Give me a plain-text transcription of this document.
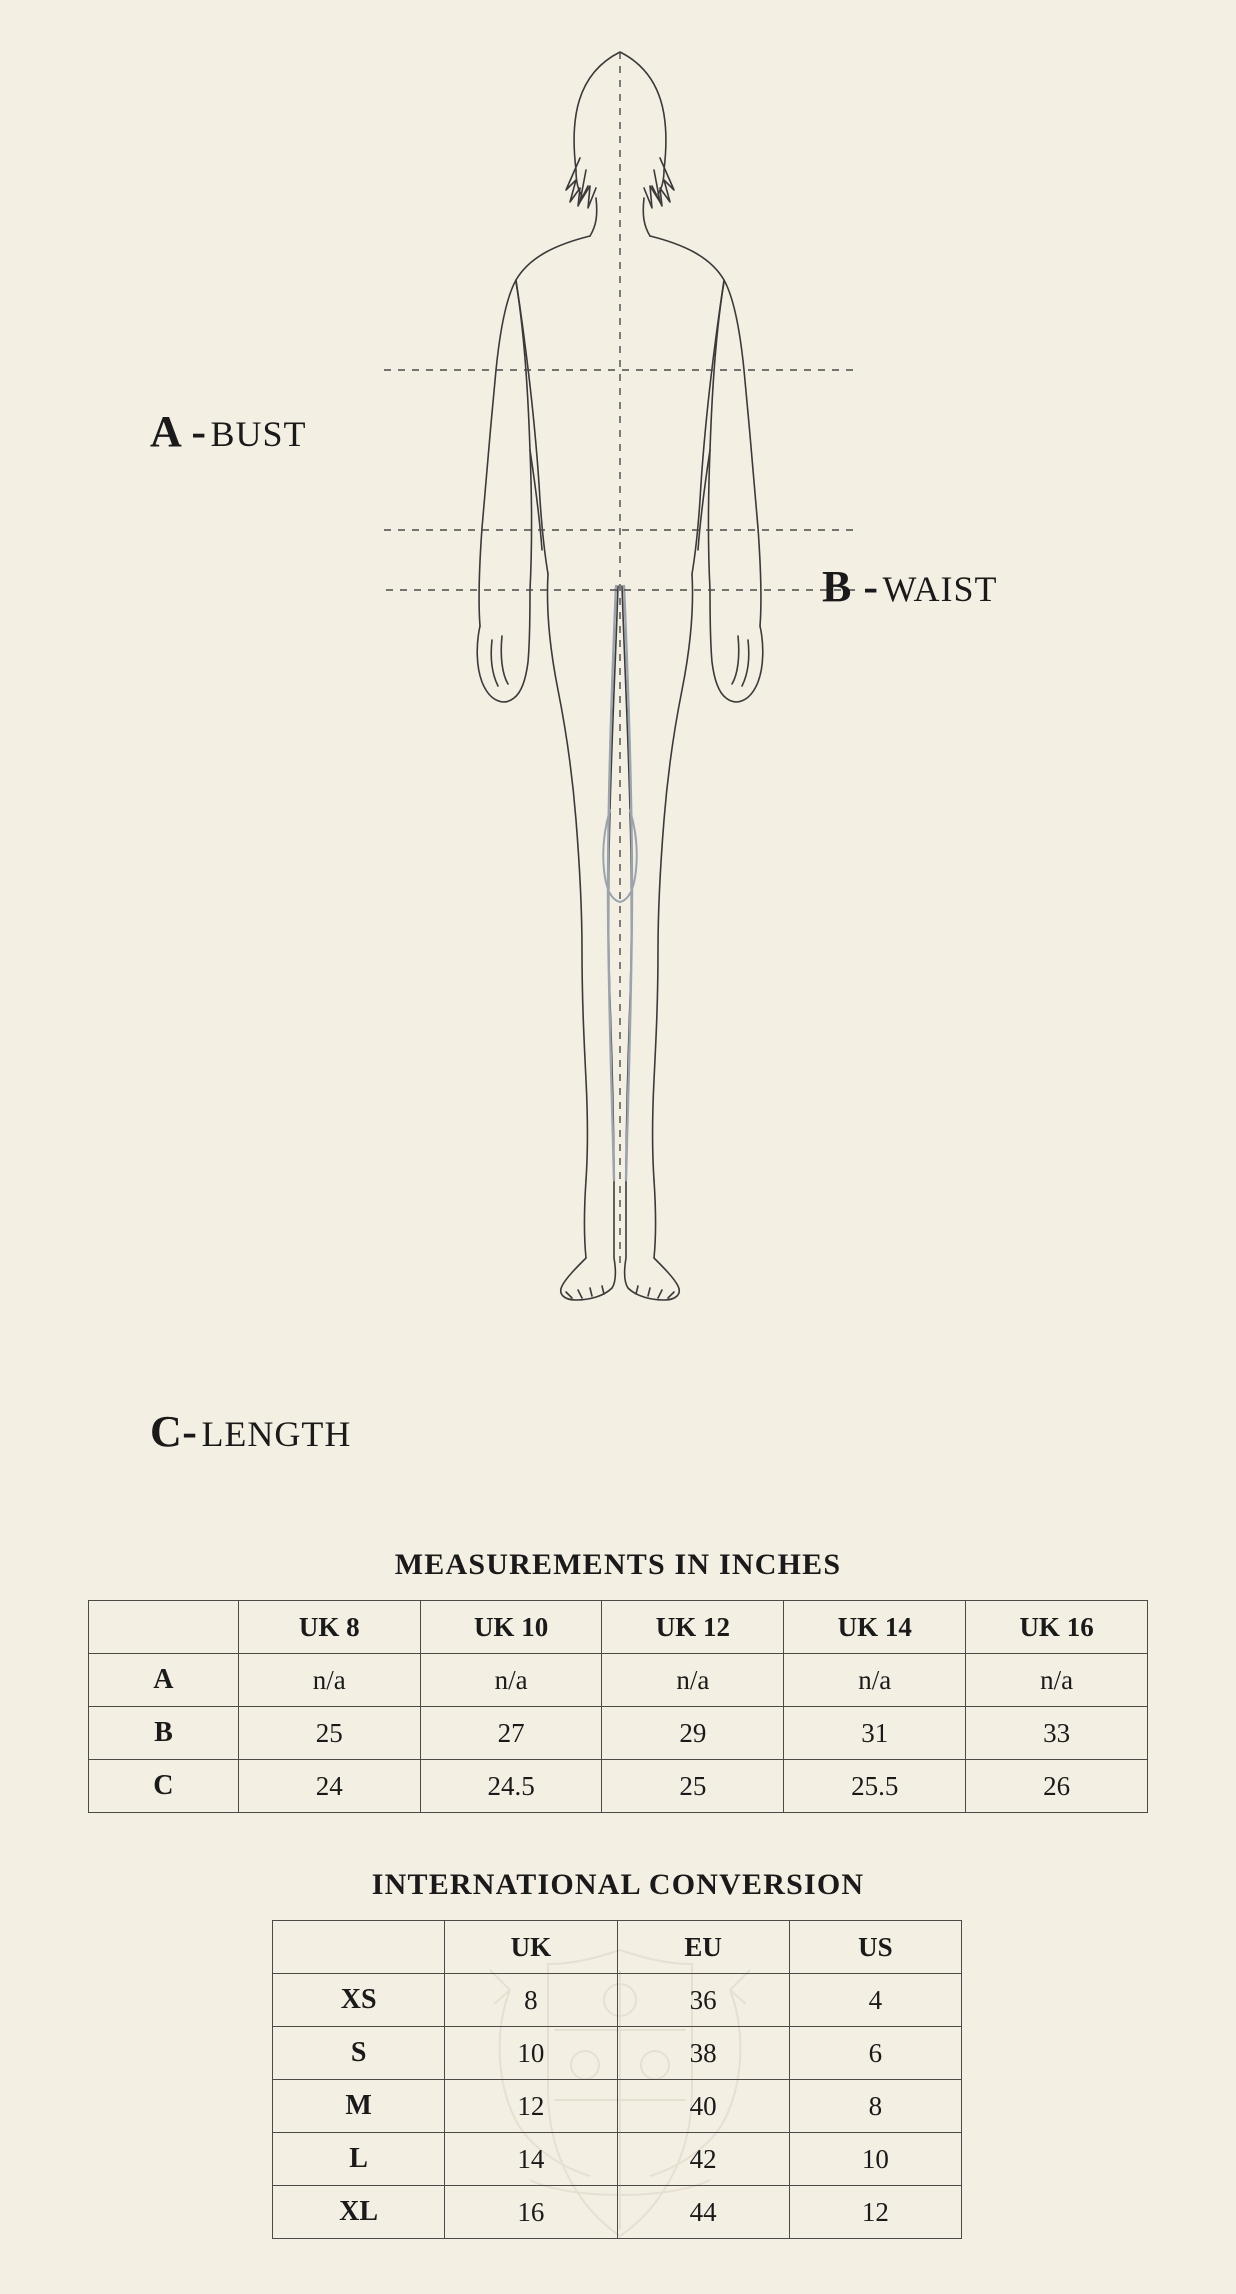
A - BUST
B - WAIST
C- LENGTH
MEASUREMENTS IN INCHES
	UK 8	UK 10	UK 12	UK 14	UK 16
A	n/a	n/a	n/a	n/a	n/a
B	25	27	29	31	33
C	24	24.5	25	25.5	26
INTERNATIONAL CONVERSION
	UK	EU	US
XS	8	36	4
S	10	38	6
M	12	40	8
L	14	42	10
XL	16	44	12
